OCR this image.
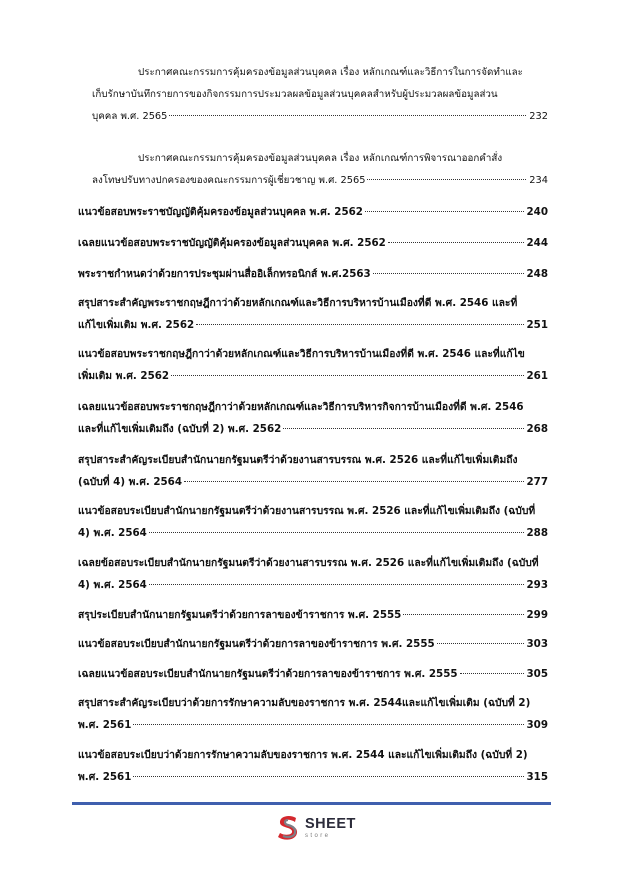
ประกาศคณะกรรมการคุ้มครองข้อมูลส่วนบุคคล เรื่อง หลักเกณฑ์และวิธีการในการจัดทำและ
เก็บรักษาบันทึกรายการของกิจกรรมการประมวลผลข้อมูลส่วนบุคคลสำหรับผู้ประมวลผลข้อมูลส่วน
บุคคล พ.ศ. 2565	232
ประกาศคณะกรรมการคุ้มครองข้อมูลส่วนบุคคล เรื่อง หลักเกณฑ์การพิจารณาออกคำสั่ง
ลงโทษปรับทางปกครองของคณะกรรมการผู้เชี่ยวชาญ พ.ศ. 2565	234
แนวข้อสอบพระราชบัญญัติคุ้มครองข้อมูลส่วนบุคคล พ.ศ. 2562	240
เฉลยแนวข้อสอบพระราชบัญญัติคุ้มครองข้อมูลส่วนบุคคล พ.ศ. 2562	244
พระราชกำหนดว่าด้วยการประชุมผ่านสื่ออิเล็กทรอนิกส์ พ.ศ.2563	248
สรุปสาระสำคัญพระราชกฤษฎีกาว่าด้วยหลักเกณฑ์และวิธีการบริหารบ้านเมืองที่ดี พ.ศ. 2546 และที่
แก้ไขเพิ่มเติม พ.ศ. 2562	251
แนวข้อสอบพระราชกฤษฎีกาว่าด้วยหลักเกณฑ์และวิธีการบริหารบ้านเมืองที่ดี พ.ศ. 2546 และที่แก้ไข
เพิ่มเติม พ.ศ. 2562	261
เฉลยแนวข้อสอบพระราชกฤษฎีกาว่าด้วยหลักเกณฑ์และวิธีการบริหารกิจการบ้านเมืองที่ดี พ.ศ. 2546
และที่แก้ไขเพิ่มเติมถึง (ฉบับที่ 2) พ.ศ. 2562	268
สรุปสาระสำคัญระเบียบสำนักนายกรัฐมนตรีว่าด้วยงานสารบรรณ พ.ศ. 2526 และที่แก้ไขเพิ่มเติมถึง
(ฉบับที่ 4) พ.ศ. 2564	277
แนวข้อสอบระเบียบสำนักนายกรัฐมนตรีว่าด้วยงานสารบรรณ พ.ศ. 2526 และที่แก้ไขเพิ่มเติมถึง (ฉบับที่
4) พ.ศ. 2564	288
เฉลยข้อสอบระเบียบสำนักนายกรัฐมนตรีว่าด้วยงานสารบรรณ พ.ศ. 2526 และที่แก้ไขเพิ่มเติมถึง (ฉบับที่
4) พ.ศ. 2564	293
สรุประเบียบสำนักนายกรัฐมนตรีว่าด้วยการลาของข้าราชการ พ.ศ. 2555	299
แนวข้อสอบระเบียบสำนักนายกรัฐมนตรีว่าด้วยการลาของข้าราชการ พ.ศ. 2555	303
เฉลยแนวข้อสอบระเบียบสำนักนายกรัฐมนตรีว่าด้วยการลาของข้าราชการ พ.ศ. 2555	305
สรุปสาระสำคัญระเบียบว่าด้วยการรักษาความลับของราชการ พ.ศ. 2544และแก้ไขเพิ่มเติม (ฉบับที่ 2)
พ.ศ. 2561	309
แนวข้อสอบระเบียบว่าด้วยการรักษาความลับของราชการ พ.ศ. 2544 และแก้ไขเพิ่มเติมถึง (ฉบับที่ 2)
พ.ศ. 2561	315
SHEET
store
